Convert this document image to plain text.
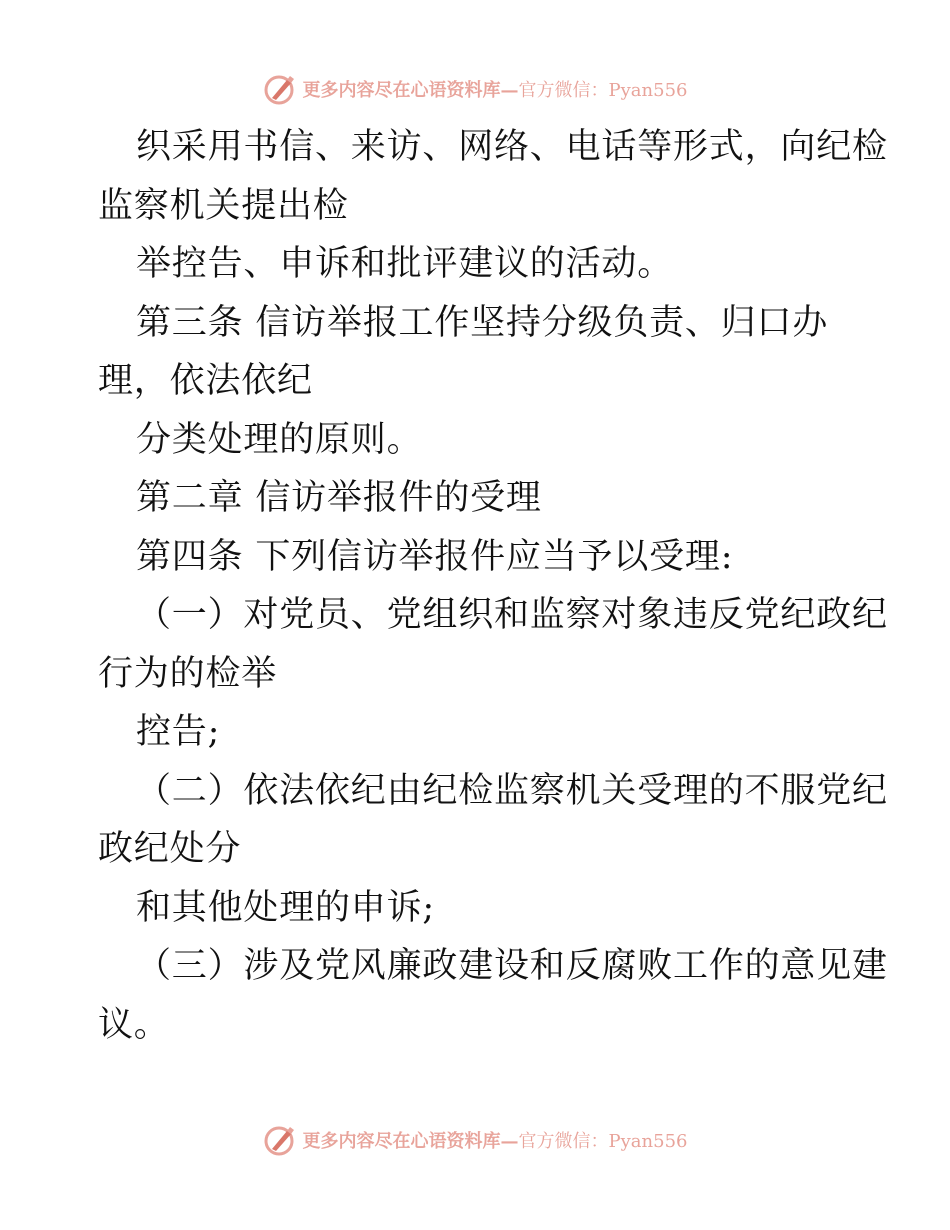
更多内容尽在心语资料库—官方微信：Pyan556
织采用书信、来访、网络、电话等形式，向纪检
监察机关提出检
举控告、申诉和批评建议的活动。
第三条 信访举报工作坚持分级负责、归口办
理，依法依纪
分类处理的原则。
第二章 信访举报件的受理
第四条 下列信访举报件应当予以受理:
（一）对党员、党组织和监察对象违反党纪政纪
行为的检举
控告;
（二）依法依纪由纪检监察机关受理的不服党纪
政纪处分
和其他处理的申诉;
（三）涉及党风廉政建设和反腐败工作的意见建
议。
更多内容尽在心语资料库—官方微信：Pyan556
